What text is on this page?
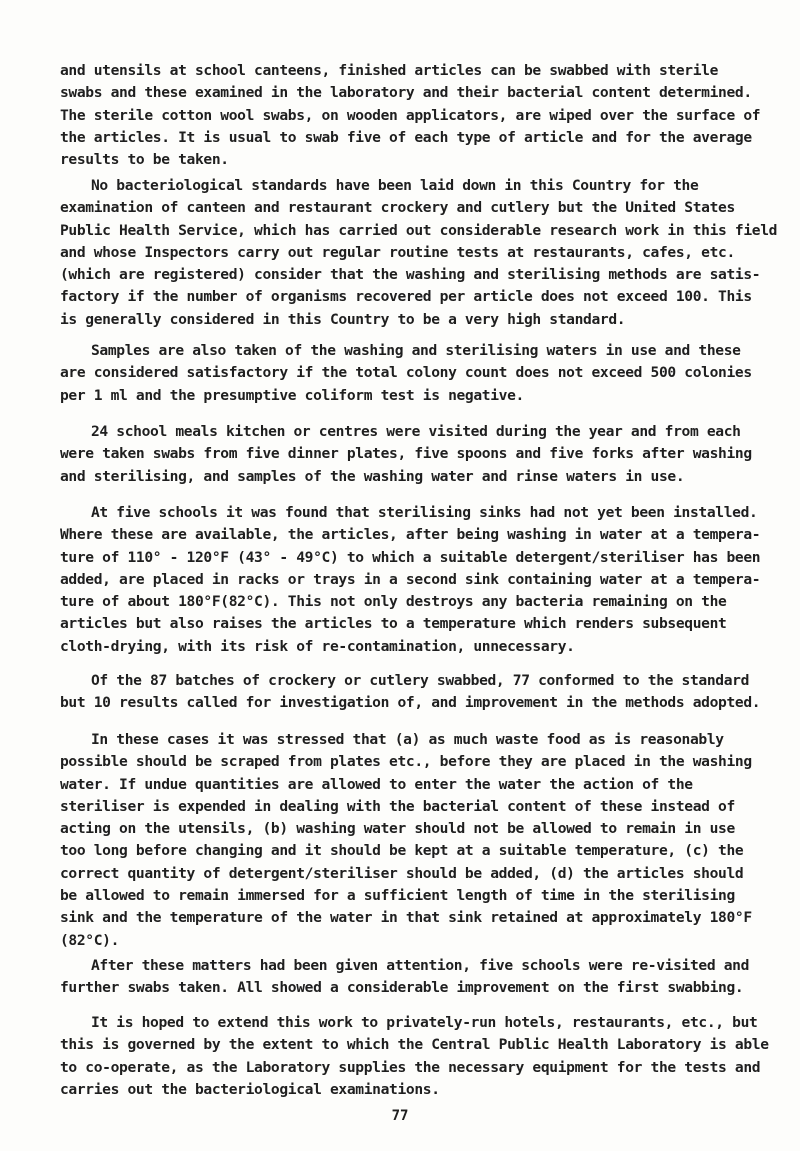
and utensils at school canteens, finished articles can be swabbed with sterile
swabs and these examined in the laboratory and their bacterial content determined.
The sterile cotton wool swabs, on wooden applicators, are wiped over the surface of
the articles. It is usual to swab five of each type of article and for the average
results to be taken.
No bacteriological standards have been laid down in this Country for the
examination of canteen and restaurant crockery and cutlery but the United States
Public Health Service, which has carried out considerable research work in this field
and whose Inspectors carry out regular routine tests at restaurants, cafes, etc.
(which are registered) consider that the washing and sterilising methods are satis-
factory if the number of organisms recovered per article does not exceed 100. This
is generally considered in this Country to be a very high standard.
Samples are also taken of the washing and sterilising waters in use and these
are considered satisfactory if the total colony count does not exceed 500 colonies
per 1 ml and the presumptive coliform test is negative.
24 school meals kitchen or centres were visited during the year and from each
were taken swabs from five dinner plates, five spoons and five forks after washing
and sterilising, and samples of the washing water and rinse waters in use.
At five schools it was found that sterilising sinks had not yet been installed.
Where these are available, the articles, after being washing in water at a tempera-
ture of 110° - 120°F (43° - 49°C) to which a suitable detergent/steriliser has been
added, are placed in racks or trays in a second sink containing water at a tempera-
ture of about 180°F(82°C). This not only destroys any bacteria remaining on the
articles but also raises the articles to a temperature which renders subsequent
cloth-drying, with its risk of re-contamination, unnecessary.
Of the 87 batches of crockery or cutlery swabbed, 77 conformed to the standard
but 10 results called for investigation of, and improvement in the methods adopted.
In these cases it was stressed that (a) as much waste food as is reasonably
possible should be scraped from plates etc., before they are placed in the washing
water. If undue quantities are allowed to enter the water the action of the
steriliser is expended in dealing with the bacterial content of these instead of
acting on the utensils, (b) washing water should not be allowed to remain in use
too long before changing and it should be kept at a suitable temperature, (c) the
correct quantity of detergent/steriliser should be added, (d) the articles should
be allowed to remain immersed for a sufficient length of time in the sterilising
sink and the temperature of the water in that sink retained at approximately 180°F
(82°C).
After these matters had been given attention, five schools were re-visited and
further swabs taken. All showed a considerable improvement on the first swabbing.
It is hoped to extend this work to privately-run hotels, restaurants, etc., but
this is governed by the extent to which the Central Public Health Laboratory is able
to co-operate, as the Laboratory supplies the necessary equipment for the tests and
carries out the bacteriological examinations.
77
